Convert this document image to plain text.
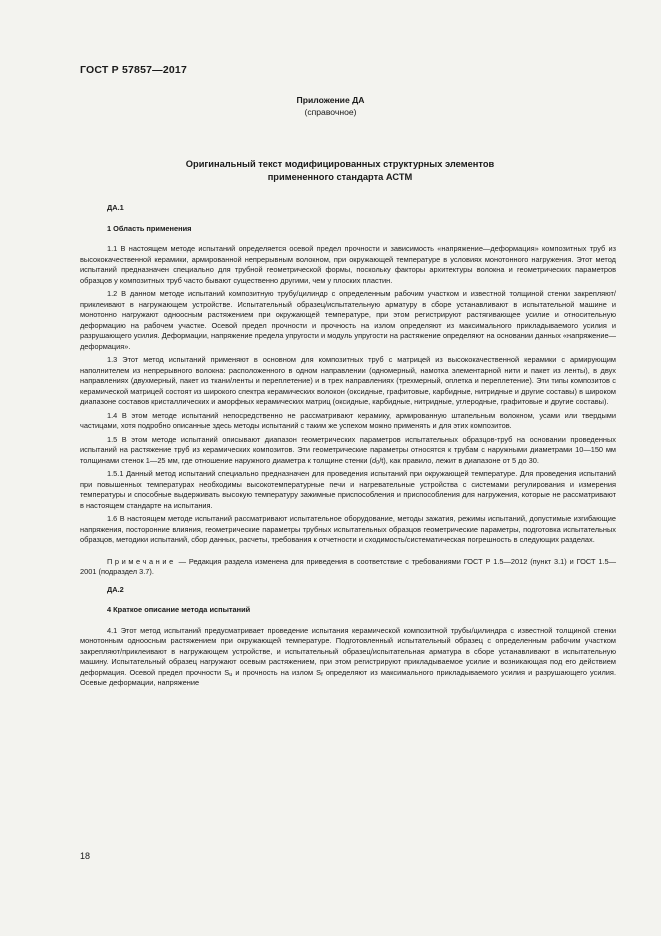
ГОСТ Р 57857—2017
Приложение ДА
(справочное)
Оригинальный текст модифицированных структурных элементов
примененного стандарта АСТМ

ДА.1

1 Область применения

1.1 В настоящем методе испытаний определяется осевой предел прочности и зависимость «напряжение—деформация» композитных труб из высококачественной керамики, армированной непрерывным волокном, при окружающей температуре в условиях монотонного нагружения. Этот метод испытаний предназначен специально для трубной геометрической формы, поскольку факторы архитектуры волокна и геометрических параметров образцов у композитных труб часто бывают существенно другими, чем у плоских пластин.

1.2 В данном методе испытаний композитную трубу/цилиндр с определенным рабочим участком и известной толщиной стенки закрепляют/приклеивают в нагружающем устройстве. Испытательный образец/испытательную арматуру в сборе устанавливают в испытательной машине и монотонно нагружают одноосным растяжением при окружающей температуре, при этом регистрируют растягивающее усилие и относительную деформацию на рабочем участке. Осевой предел прочности и прочность на излом определяют из максимального прикладываемого усилия и разрушающего усилия. Деформации, напряжение предела упругости и модуль упругости на растяжение определяют на основании данных «напряжение—деформация».

1.3 Этот метод испытаний применяют в основном для композитных труб с матрицей из высококачественной керамики с армирующим наполнителем из непрерывного волокна: расположенного в одном направлении (одномерный, намотка элементарной нити и пакет из ленты), в двух направлениях (двухмерный, пакет из ткани/ленты и переплетение) и в трех направлениях (трехмерный, оплетка и переплетение). Эти типы композитов с керамической матрицей состоят из широкого спектра керамических волокон (оксидные, графитовые, карбидные, нитридные и другие составы) в широком диапазоне составов кристаллических и аморфных керамических матриц (оксидные, карбидные, нитридные, углеродные, графитовые и другие составы).

1.4 В этом методе испытаний непосредственно не рассматривают керамику, армированную штапельным волокном, усами или твердыми частицами, хотя подробно описанные здесь методы испытаний с таким же успехом можно применять и для этих композитов.

1.5 В этом методе испытаний описывают диапазон геометрических параметров испытательных образцов-труб на основании проведенных испытаний на растяжение труб из керамических композитов. Эти геометрические параметры относятся к трубам с наружными диаметрами 10—150 мм толщинами стенок 1—25 мм, где отношение наружного диаметра к толщине стенки $(d_0/t)$, как правило, лежит в диапазоне от 5 до 30.

1.5.1 Данный метод испытаний специально предназначен для проведения испытаний при окружающей температуре. Для проведения испытаний при повышенных температурах необходимы высокотемпературные печи и нагревательные устройства с системами регулирования и измерения температуры и способные выдерживать высокую температуру зажимные приспособления и приспособления для нагружения, которые не рассматривают в настоящем стандарте на испытания.

1.6 В настоящем методе испытаний рассматривают испытательное оборудование, методы зажатия, режимы испытаний, допустимые изгибающие напряжения, посторонние влияния, геометрические параметры трубных испытательных образцов геометрические параметры, подготовка испытательных образцов, методики испытаний, сбор данных, расчеты, требования к отчетности и сходимость/систематическая погрешность в следующих разделах.

Примечание — Редакция раздела изменена для приведения в соответствие с требованиями ГОСТ Р 1.5—2012 (пункт 3.1) и ГОСТ 1.5—2001 (подраздел 3.7).

ДА.2

4 Краткое описание метода испытаний

4.1 Этот метод испытаний предусматривает проведение испытания керамической композитной трубы/цилиндра с известной толщиной стенки монотонным одноосным растяжением при окружающей температуре. Подготовленный испытательный образец с определенным рабочим участком закрепляют/приклеивают в нагружающем устройстве, и испытательный образец/испытательная арматура в сборе устанавливают в испытательную машину. Испытательный образец нагружают осевым растяжением, при этом регистрируют прикладываемое усилие и возникающая под его действием деформация. Осевой предел прочности $S_u$ и прочность на излом $S_f$ определяют из максимального прикладываемого усилия и разрушающего усилия. Осевые деформации, напряжение

18
